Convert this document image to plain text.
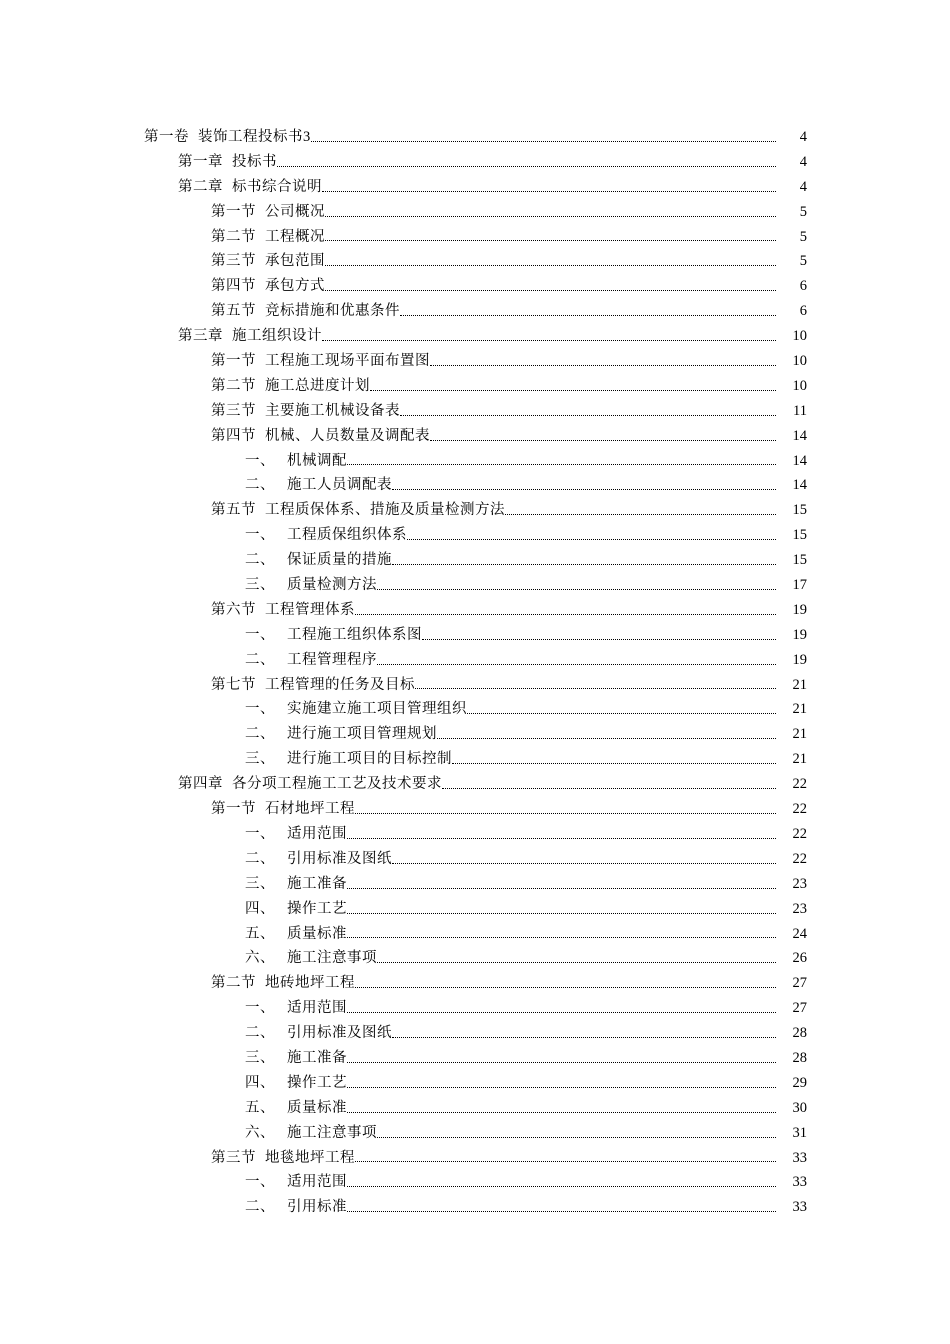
第一卷 装饰工程投标书3	4
第一章 投标书	4
第二章 标书综合说明	4
第一节 公司概况	5
第二节 工程概况	5
第三节 承包范围	5
第四节 承包方式	6
第五节 竞标措施和优惠条件	6
第三章 施工组织设计	10
第一节 工程施工现场平面布置图	10
第二节 施工总进度计划	10
第三节 主要施工机械设备表	11
第四节 机械、人员数量及调配表	14
一、 机械调配	14
二、 施工人员调配表	14
第五节 工程质保体系、措施及质量检测方法	15
一、 工程质保组织体系	15
二、 保证质量的措施	15
三、 质量检测方法	17
第六节 工程管理体系	19
一、 工程施工组织体系图	19
二、 工程管理程序	19
第七节 工程管理的任务及目标	21
一、 实施建立施工项目管理组织	21
二、 进行施工项目管理规划	21
三、 进行施工项目的目标控制	21
第四章 各分项工程施工工艺及技术要求	22
第一节 石材地坪工程	22
一、 适用范围	22
二、 引用标准及图纸	22
三、 施工准备	23
四、 操作工艺	23
五、 质量标准	24
六、 施工注意事项	26
第二节 地砖地坪工程	27
一、 适用范围	27
二、 引用标准及图纸	28
三、 施工准备	28
四、 操作工艺	29
五、 质量标准	30
六、 施工注意事项	31
第三节 地毯地坪工程	33
一、 适用范围	33
二、 引用标准	33
